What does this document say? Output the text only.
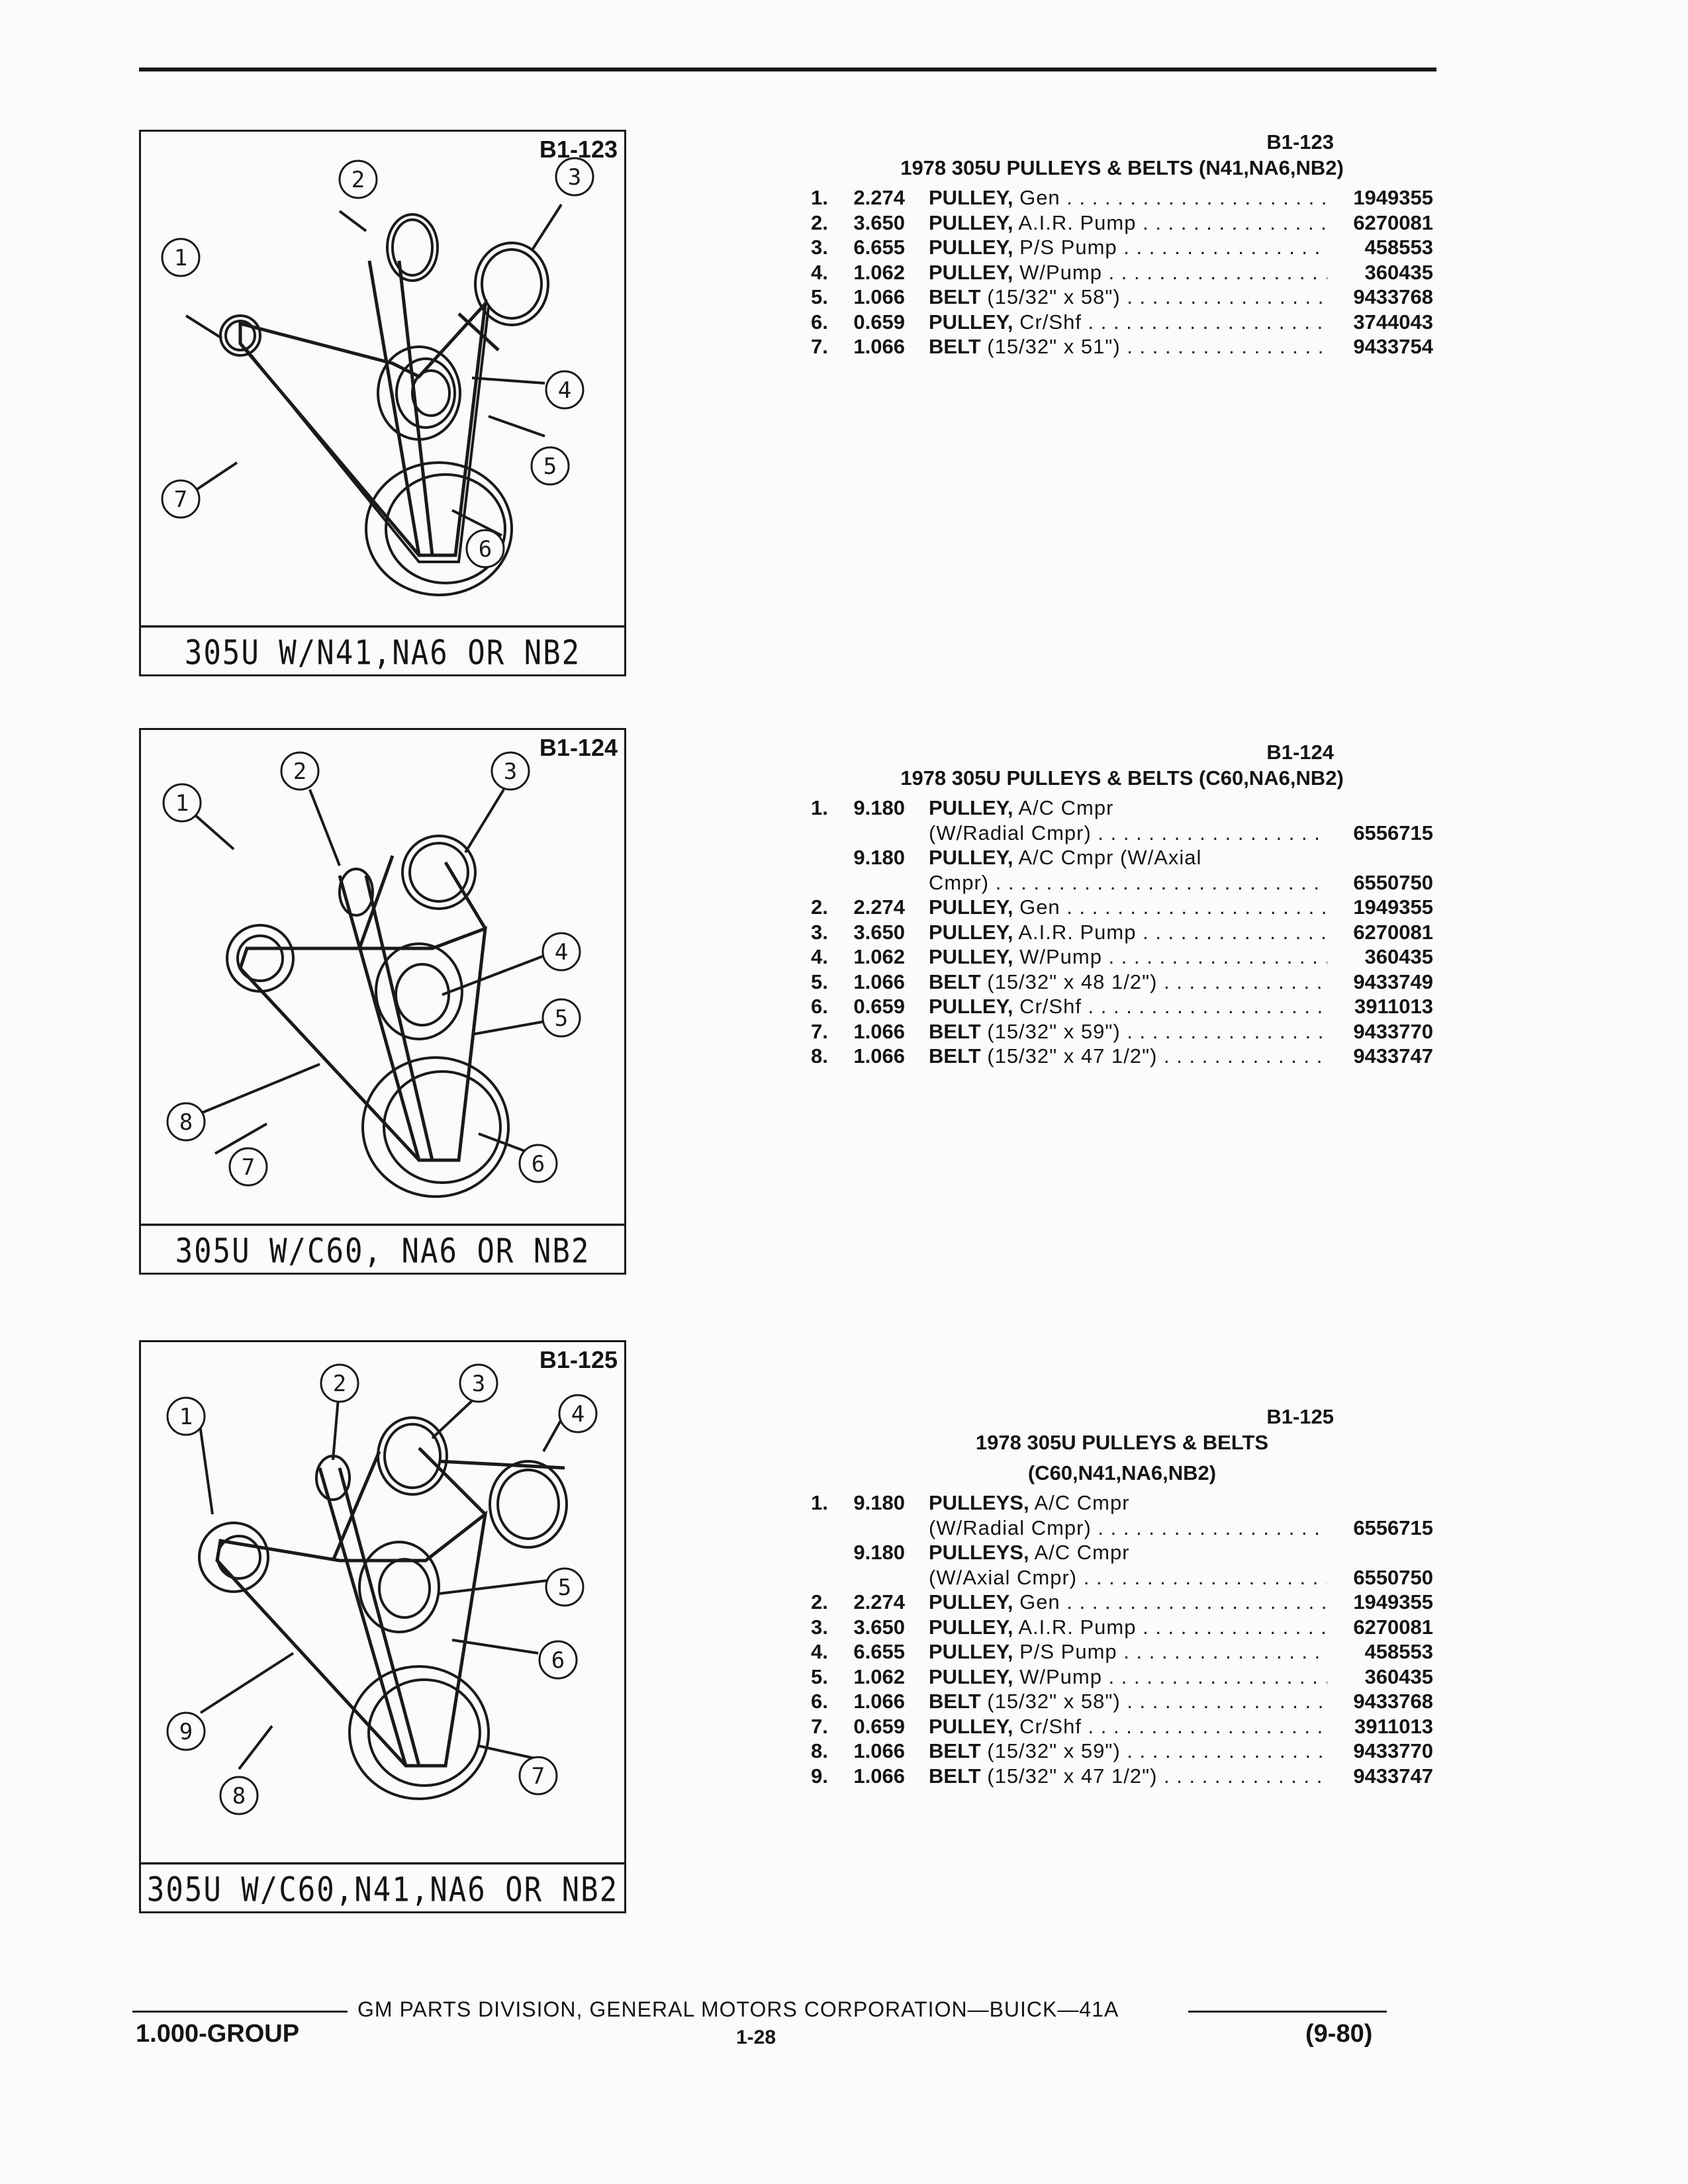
1
2	3
4
5
6
7
B1-123
305U W/N41,NA6 OR NB2
1
2	3
4
5
6
7
8
B1-124
305U W/C60, NA6 OR NB2
1
2	3
4
5
6
7
8
9
B1-125
305U W/C60,N41,NA6 OR NB2
B1-123
1978 305U PULLEYS & BELTS (N41,NA6,NB2)
1.	2.274	PULLEY, Gen . . .	1949355
2.	3.650	PULLEY, A.I.R. Pump . . .	6270081
3.	6.655	PULLEY, P/S Pump . . .	458553
4.	1.062	PULLEY, W/Pump . . .	360435
5.	1.066	BELT (15/32" x 58") . . .	9433768
6.	0.659	PULLEY, Cr/Shf . . .	3744043
7.	1.066	BELT (15/32" x 51") . . .	9433754
B1-124
1978 305U PULLEYS & BELTS (C60,NA6,NB2)
1.	9.180	PULLEY, A/C Cmpr
(W/Radial Cmpr) . . .	6556715
9.180	PULLEY, A/C Cmpr (W/Axial
Cmpr) . . .	6550750
2.	2.274	PULLEY, Gen . . .	1949355
3.	3.650	PULLEY, A.I.R. Pump . . .	6270081
4.	1.062	PULLEY, W/Pump . . .	360435
5.	1.066	BELT (15/32" x 48 1/2") . . .	9433749
6.	0.659	PULLEY, Cr/Shf . . .	3911013
7.	1.066	BELT (15/32" x 59") . . .	9433770
8.	1.066	BELT (15/32" x 47 1/2") . . .	9433747
B1-125
1978 305U PULLEYS & BELTS
(C60,N41,NA6,NB2)
1.	9.180	PULLEYS, A/C Cmpr
(W/Radial Cmpr) . . .	6556715
9.180	PULLEYS, A/C Cmpr
(W/Axial Cmpr) . . .	6550750
2.	2.274	PULLEY, Gen . . .	1949355
3.	3.650	PULLEY, A.I.R. Pump . . .	6270081
4.	6.655	PULLEY, P/S Pump . . .	458553
5.	1.062	PULLEY, W/Pump . . .	360435
6.	1.066	BELT (15/32" x 58") . . .	9433768
7.	0.659	PULLEY, Cr/Shf . . .	3911013
8.	1.066	BELT (15/32" x 59") . . .	9433770
9.	1.066	BELT (15/32" x 47 1/2") . . .	9433747
GM PARTS DIVISION, GENERAL MOTORS CORPORATION—BUICK—41A
1.000-GROUP	1-28	(9-80)
